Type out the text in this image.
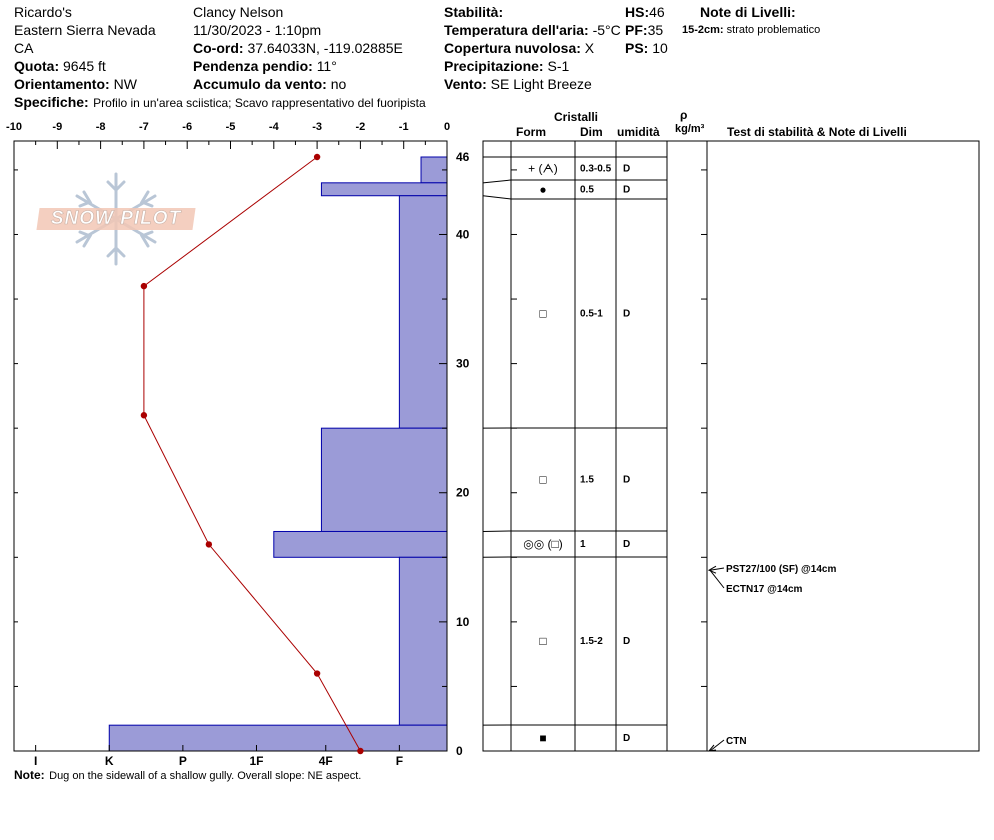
Ricardo's
Eastern Sierra Nevada
CA
Quota: 9645 ft
Orientamento: NW
Specifiche: Profilo in un'area sciistica; Scavo rappresentativo del fuoripista
Clancy Nelson
11/30/2023 - 1:10pm
Co-ord: 37.64033N, -119.02885E
Pendenza pendio: 11°
Accumulo da vento: no
Stabilità:
Temperatura dell'aria: -5°C
Copertura nuvolosa: X
Precipitazione: S-1
Vento: SE Light Breeze
HS:46
PF:35
PS: 10
Note di Livelli:
15-2cm: strato problematico
Cristalli
Form	Dim umidità
ρ
kg/m³ Test di stabilità & Note di Livelli
SNOW PILOT
-10	-9	-8	-7	-6	-5	-4	-3	-2	-1	0
I	K	P	1F	4F	F
0
10
20
30
40
46
+ (ᗅ) 0.3-0.5 D
●	0.5	D
□	0.5-1 D
□	1.5	D
◎◎ (□) 1	D
□	1.5-2 D
■	D
PST27/100 (SF) @14cm
ECTN17 @14cm
CTN
Note: Dug on the sidewall of a shallow gully. Overall slope: NE aspect.
